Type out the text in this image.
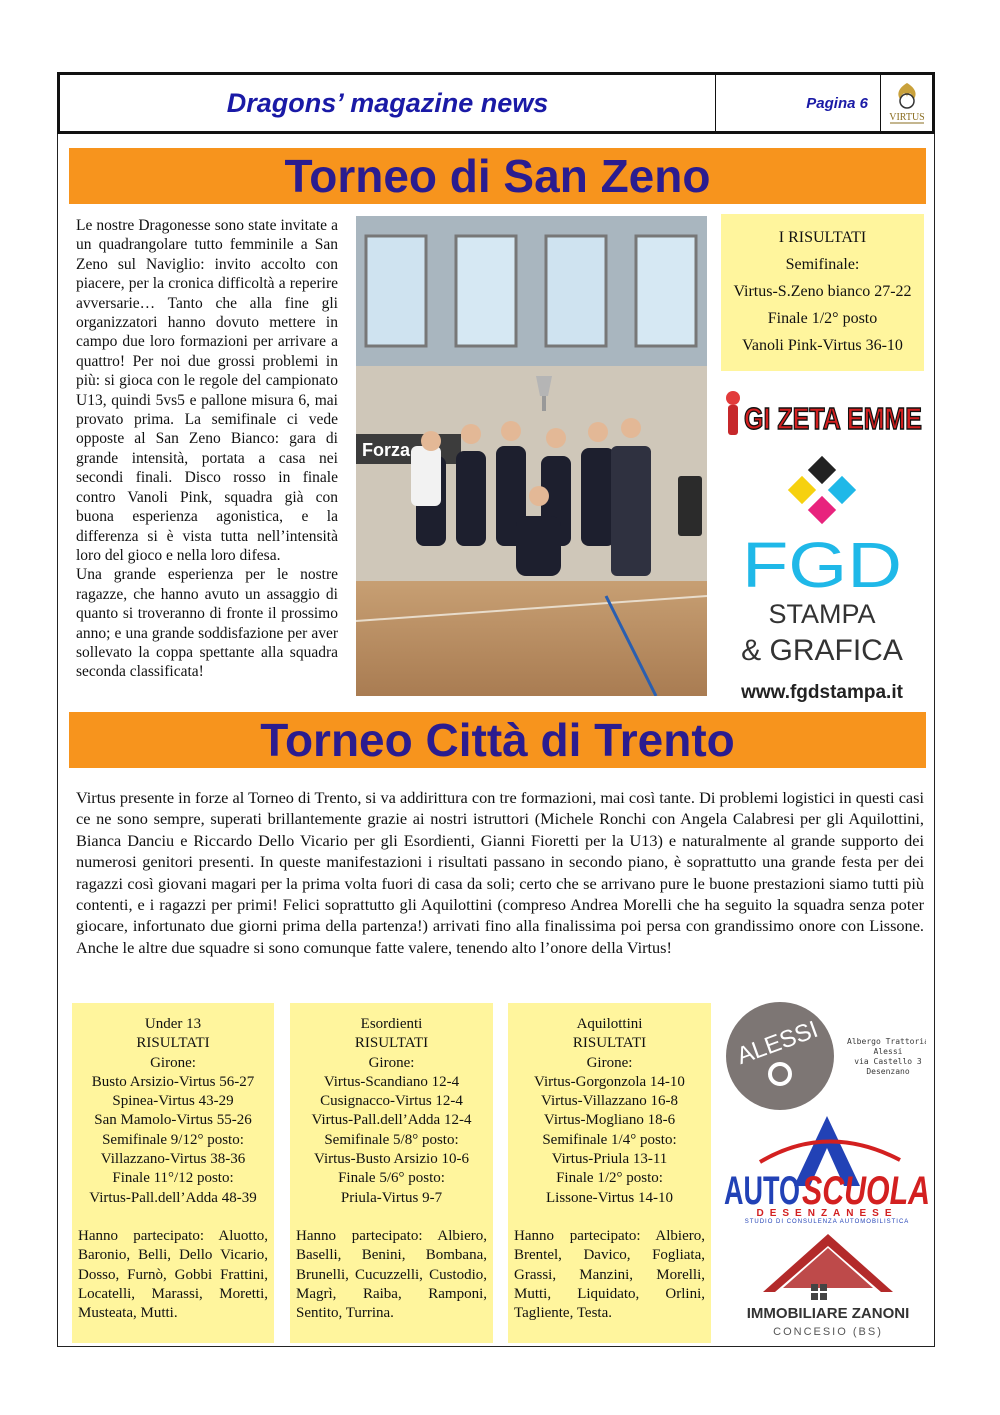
Dragons’ magazine news	Pagina 6
VIRTUS
Torneo di San Zeno

Le nostre Dragonesse sono state invitate a un quadrangolare tutto femminile a San Zeno sul Naviglio: invito accolto con piacere, per la cronica difficoltà a reperire avversarie… Tanto che alla fine gli organizzatori hanno dovuto mettere in campo due loro formazioni per arrivare a quattro! Per noi due grossi problemi in più: si gioca con le regole del campionato U13, quindi 5vs5 e pallone misura 6, mai provato prima. La semifinale ci vede opposte al San Zeno Bianco: gara di grande intensità, portata a casa nei secondi finali. Disco rosso in finale contro Vanoli Pink, squadra già con buona esperienza agonistica, e la differenza si è vista tutta nell’intensità loro del gioco e nella loro difesa.

Una grande esperienza per le nostre ragazze, che hanno avuto un assaggio di quanto si troveranno di fronte il prossimo anno; e una grande soddisfazione per aver sollevato la coppa spettante alla squadra seconda classificata!

Forza
I RISULTATI
Semifinale:
Virtus-S.Zeno bianco 27-22
Finale 1/2° posto
Vanoli Pink-Virtus 36-10
GI ZETA EMME
FGD
STAMPA
& GRAFICA
www.fgdstampa.it
Torneo Città di Trento
Virtus presente in forze al Torneo di Trento, si va addirittura con tre formazioni, mai così tante. Di problemi logistici in questi casi ce ne sono sempre, superati brillantemente grazie ai nostri istruttori (Michele Ronchi con Angela Calabresi per gli Aquilottini, Bianca Danciu e Riccardo Dello Vicario per gli Esordienti, Gianni Fioretti per la U13) e naturalmente al grande supporto dei numerosi genitori presenti. In queste manifestazioni i risultati passano in secondo piano, è soprattutto una grande festa per dei ragazzi così giovani magari per la prima volta fuori di casa da soli; certo che se arrivano pure le buone prestazioni siamo tutti più contenti, e i ragazzi per primi! Felici soprattutto gli Aquilottini (compreso Andrea Morelli che ha seguito la squadra senza poter giocare, infortunato due giorni prima della partenza!) arrivati fino alla finalissima poi persa con grandissimo onore con Lissone. Anche le altre due squadre si sono comunque fatte valere, tenendo alto l’onore della Virtus!
Under 13
RISULTATI
Girone:
Busto Arsizio-Virtus 56-27
Spinea-Virtus 43-29
San Mamolo-Virtus 55-26
Semifinale 9/12° posto:
Villazzano-Virtus 38-36
Finale 11°/12 posto:
Virtus-Pall.dell’Adda 48-39
Hanno partecipato: Aluotto, Baronio, Belli, Dello Vicario, Dosso, Furnò, Gobbi Frattini, Locatelli, Marassi, Moretti, Musteata, Mutti.
Esordienti
RISULTATI
Girone:
Virtus-Scandiano 12-4
Cusignacco-Virtus 12-4
Virtus-Pall.dell’Adda 12-4
Semifinale 5/8° posto:
Virtus-Busto Arsizio 10-6
Finale 5/6° posto:
Priula-Virtus 9-7
Hanno partecipato: Albiero, Baselli, Benini, Bombana, Brunelli, Cucuzzelli, Custodio, Magrì, Raiba, Ramponi, Sentito, Turrina.
Aquilottini
RISULTATI
Girone:
Virtus-Gorgonzola 14-10
Virtus-Villazzano 16-8
Virtus-Mogliano 18-6
Semifinale 1/4° posto:
Virtus-Priula 13-11
Finale 1/2° posto:
Lissone-Virtus 14-10
Hanno partecipato: Albiero, Brentel, Davico, Fogliata, Grassi, Manzini, Morelli, Mutti, Liquidato, Orlini, Tagliente, Testa.
ALESSI	Albergo Trattoria
Alessi
via Castello 3
Desenzano
AUTO SCUOLA
DESENZANESE
STUDIO DI CONSULENZA AUTOMOBILISTICA
IMMOBILIARE ZANONI
CONCESIO (BS)
